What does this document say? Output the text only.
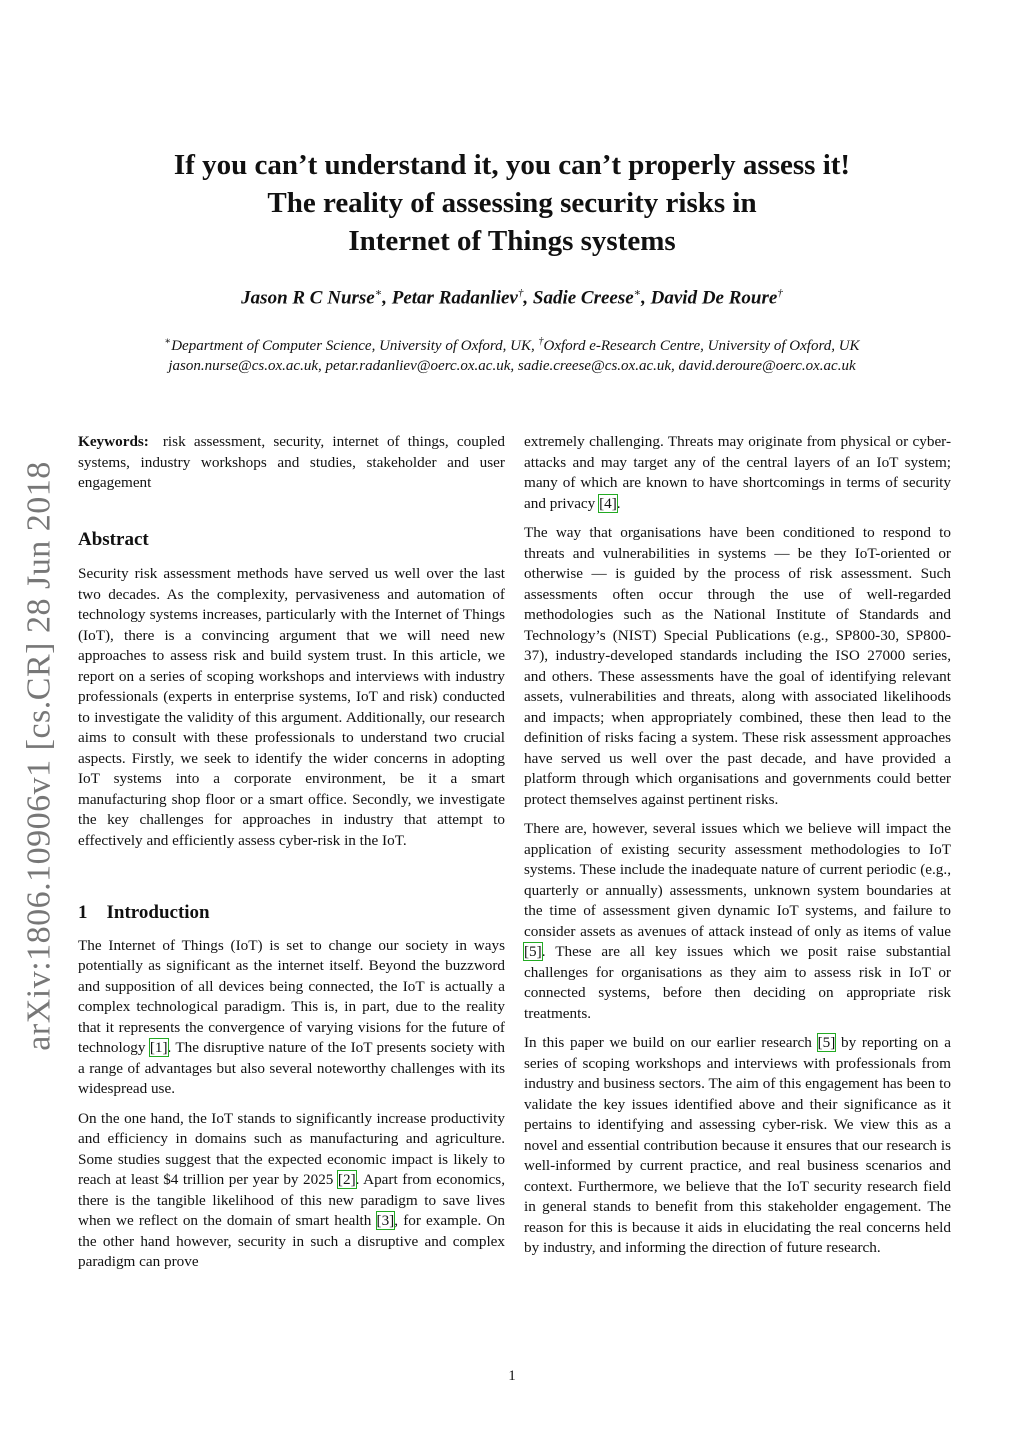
arXiv:1806.10906v1 [cs.CR] 28 Jun 2018
If you can’t understand it, you can’t properly assess it!
The reality of assessing security risks in
Internet of Things systems
Jason R C Nurse∗, Petar Radanliev†, Sadie Creese∗, David De Roure†
∗Department of Computer Science, University of Oxford, UK, †Oxford e-Research Centre, University of Oxford, UK
jason.nurse@cs.ox.ac.uk, petar.radanliev@oerc.ox.ac.uk, sadie.creese@cs.ox.ac.uk, david.deroure@oerc.ox.ac.uk

Keywords: risk assessment, security, internet of things, coupled systems, industry workshops and studies, stakeholder and user engagement

Abstract

Security risk assessment methods have served us well over the last two decades. As the complexity, pervasiveness and automation of technology systems increases, particularly with the Internet of Things (IoT), there is a convincing argument that we will need new approaches to assess risk and build system trust. In this article, we report on a series of scoping workshops and interviews with industry professionals (experts in enterprise systems, IoT and risk) conducted to investigate the validity of this argument. Additionally, our research aims to consult with these professionals to understand two crucial aspects. Firstly, we seek to identify the wider concerns in adopting IoT systems into a corporate environment, be it a smart manufacturing shop floor or a smart office. Secondly, we investigate the key challenges for approaches in industry that attempt to effectively and efficiently assess cyber-risk in the IoT.

1    Introduction

The Internet of Things (IoT) is set to change our society in ways potentially as significant as the internet itself. Beyond the buzzword and supposition of all devices being connected, the IoT is actually a complex technological paradigm. This is, in part, due to the reality that it represents the convergence of varying visions for the future of technology [1]. The disruptive nature of the IoT presents society with a range of advantages but also several noteworthy challenges with its widespread use.

On the one hand, the IoT stands to significantly increase productivity and efficiency in domains such as manufacturing and agriculture. Some studies suggest that the expected economic impact is likely to reach at least $4 trillion per year by 2025 [2]. Apart from economics, there is the tangible likelihood of this new paradigm to save lives when we reflect on the domain of smart health [3], for example. On the other hand however, security in such a disruptive and complex paradigm can prove

extremely challenging. Threats may originate from physical or cyber-attacks and may target any of the central layers of an IoT system; many of which are known to have shortcomings in terms of security and privacy [4].

The way that organisations have been conditioned to respond to threats and vulnerabilities in systems — be they IoT-oriented or otherwise — is guided by the process of risk assessment. Such assessments often occur through the use of well-regarded methodologies such as the National Institute of Standards and Technology’s (NIST) Special Publications (e.g., SP800-30, SP800-37), industry-developed standards including the ISO 27000 series, and others. These assessments have the goal of identifying relevant assets, vulnerabilities and threats, along with associated likelihoods and impacts; when appropriately combined, these then lead to the definition of risks facing a system. These risk assessment approaches have served us well over the past decade, and have provided a platform through which organisations and governments could better protect themselves against pertinent risks.

There are, however, several issues which we believe will impact the application of existing security assessment methodologies to IoT systems. These include the inadequate nature of current periodic (e.g., quarterly or annually) assessments, unknown system boundaries at the time of assessment given dynamic IoT systems, and failure to consider assets as avenues of attack instead of only as items of value [5]. These are all key issues which we posit raise substantial challenges for organisations as they aim to assess risk in IoT or connected systems, before then deciding on appropriate risk treatments.

In this paper we build on our earlier research [5] by reporting on a series of scoping workshops and interviews with professionals from industry and business sectors. The aim of this engagement has been to validate the key issues identified above and their significance as it pertains to identifying and assessing cyber-risk. We view this as a novel and essential contribution because it ensures that our research is well-informed by current practice, and real business scenarios and context. Furthermore, we believe that the IoT security research field in general stands to benefit from this stakeholder engagement. The reason for this is because it aids in elucidating the real concerns held by industry, and informing the direction of future research.

1
